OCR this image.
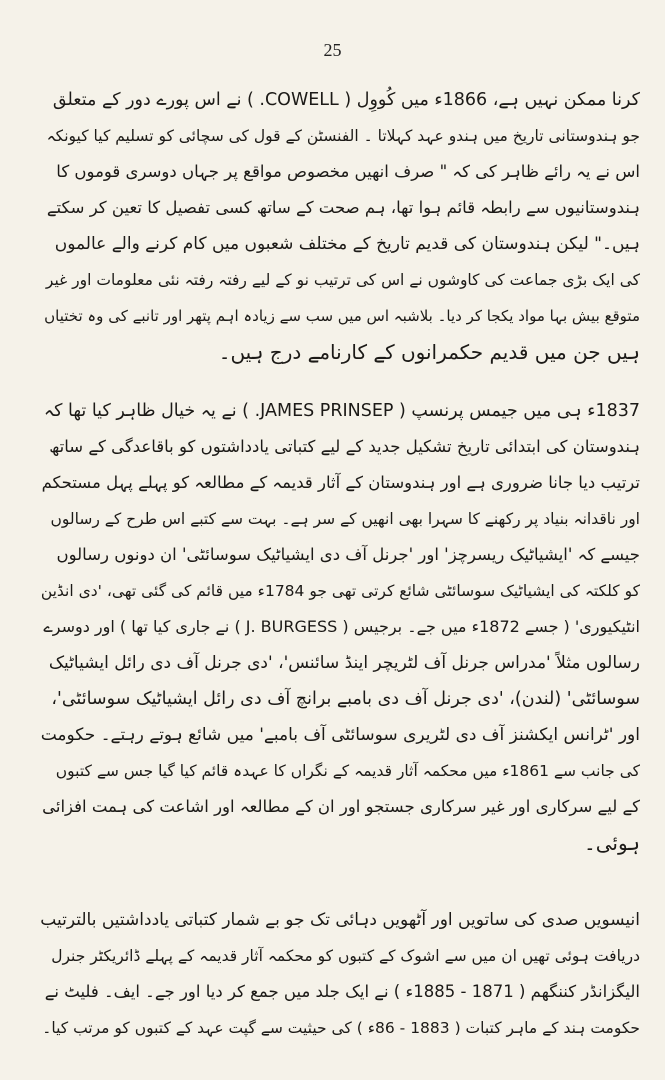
25
کرنا ممکن نہیں ہے، 1866ء میں کُووِل ( COWELL. ) نے اس پورے دور کے متعلق
جو ہندوستانی تاریخ میں ہندو عہد کہلاتا ۔ الفنسٹن کے قول کی سچائی کو تسلیم کیا کیونکہ
اس نے یہ رائے ظاہر کی کہ " صرف انھیں مخصوص مواقع پر جہاں دوسری قوموں کا
ہندوستانیوں سے رابطہ قائم ہوا تھا، ہم صحت کے ساتھ کسی تفصیل کا تعین کر سکتے
ہیں۔" لیکن ہندوستان کی قدیم تاریخ کے مختلف شعبوں میں کام کرنے والے عالموں
کی ایک بڑی جماعت کی کاوشوں نے اس کی ترتیب نو کے لیے رفتہ رفتہ نئی معلومات اور غیر
متوقع بیش بہا مواد یکجا کر دیا۔ بلاشبہ اس میں سب سے زیادہ اہم پتھر اور تانبے کی وہ تختیاں
ہیں جن میں قدیم حکمرانوں کے کارنامے درج ہیں۔
1837ء ہی میں جیمس پرنسپ ( JAMES PRINSEP. ) نے یہ خیال ظاہر کیا تھا کہ
ہندوستان کی ابتدائی تاریخ تشکیل جدید کے لیے کتباتی یادداشتوں کو باقاعدگی کے ساتھ
ترتیب دیا جانا ضروری ہے اور ہندوستان کے آثار قدیمہ کے مطالعہ کو پہلے پہل مستحکم
اور ناقدانہ بنیاد پر رکھنے کا سہرا بھی انھیں کے سر ہے۔ بہت سے کتبے اس طرح کے رسالوں
جیسے کہ 'ایشیاٹیک ریسرچز' اور 'جرنل آف دی ایشیاٹیک سوسائٹی' ان دونوں رسالوں
کو کلکتہ کی ایشیاٹیک سوسائٹی شائع کرتی تھی جو 1784ء میں قائم کی گئی تھی، 'دی انڈین
انٹیکیوری' ( جسے 1872ء میں جے۔ برجیس ( J. BURGESS ) نے جاری کیا تھا ) اور دوسرے
رسالوں مثلاً 'مدراس جرنل آف لٹریچر اینڈ سائنس'، 'دی جرنل آف دی رائل ایشیاٹیک
سوسائٹی' (لندن)، 'دی جرنل آف دی بامبے برانچ آف دی رائل ایشیاٹیک سوسائٹی'،
اور 'ٹرانس ایکشنز آف دی لٹریری سوسائٹی آف بامبے' میں شائع ہوتے رہتے۔ حکومت
کی جانب سے 1861ء میں محکمہ آثار قدیمہ کے نگراں کا عہدہ قائم کیا گیا جس سے کتبوں
کے لیے سرکاری اور غیر سرکاری جستجو اور ان کے مطالعہ اور اشاعت کی ہمت افزائی
ہوئی۔
انیسویں صدی کی ساتویں اور آٹھویں دہائی تک جو بے شمار کتباتی یادداشتیں بالترتیب
دریافت ہوئی تھیں ان میں سے اشوک کے کتبوں کو محکمہ آثار قدیمہ کے پہلے ڈائریکٹر جنرل
الیگزانڈر کننگھم ( 1871 - 1885ء ) نے ایک جلد میں جمع کر دیا اور جے۔ ایف۔ فلیٹ نے
حکومت ہند کے ماہر کتبات ( 1883 - 86ء ) کی حیثیت سے گپت عہد کے کتبوں کو مرتب کیا۔
